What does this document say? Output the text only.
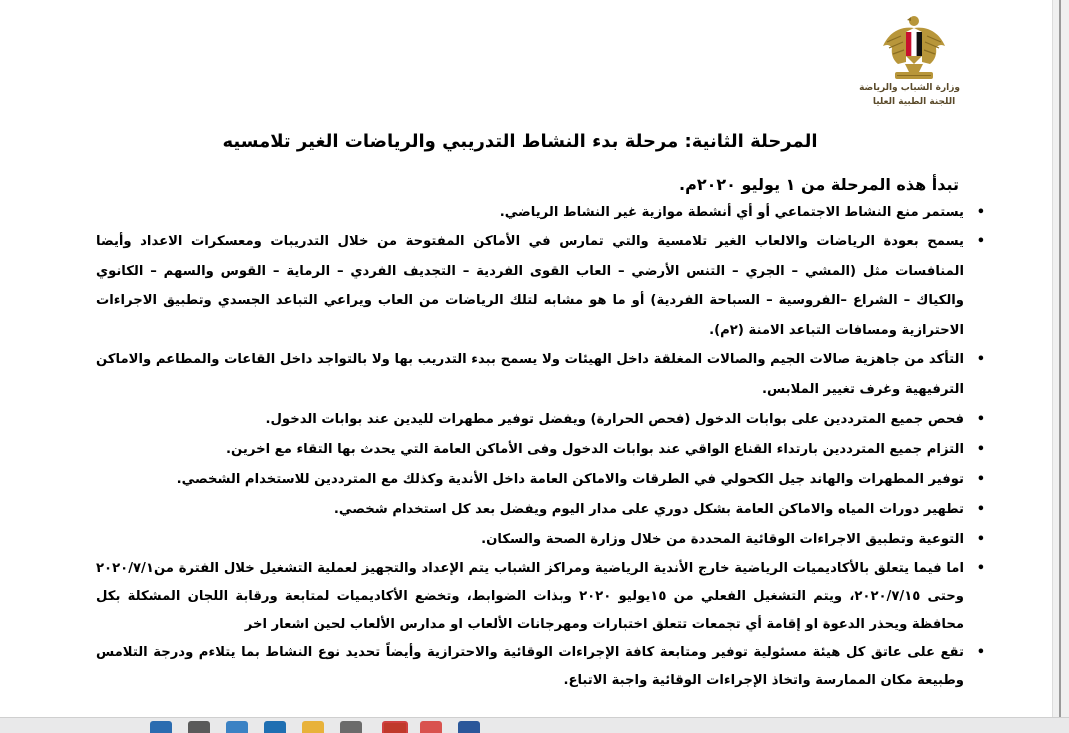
وزارة الشباب والرياضة
اللجنة الطبية العليا
المرحلة الثانية: مرحلة بدء النشاط التدريبي والرياضات الغير تلامسيه
تبدأ هذه المرحلة من ١ يوليو ٢٠٢٠م.
•
يستمر منع النشاط الاجتماعي أو أي أنشطة موازية غير النشاط الرياضي.
•
يسمح بعودة الرياضات والالعاب الغير تلامسية والتي تمارس في الأماكن المفتوحة من خلال التدريبات ومعسكرات الاعداد وأيضا المنافسات مثل (المشي – الجري – التنس الأرضي – العاب القوى الفردية – التجديف الفردي – الرماية – القوس والسهم – الكانوي والكياك – الشراع –الفروسية – السباحة الفردية) أو ما هو مشابه لتلك الرياضات من العاب ويراعي التباعد الجسدي وتطبيق الاجراءات الاحترازية ومسافات التباعد الامنة (٢م).
•
التأكد من جاهزية صالات الجيم والصالات المغلقة داخل الهيئات ولا يسمح ببدء التدريب بها ولا بالتواجد داخل القاعات والمطاعم والاماكن الترفيهية وغرف تغيير الملابس.
•
فحص جميع المترددين على بوابات الدخول (فحص الحرارة) ويفضل توفير مطهرات لليدين عند بوابات الدخول.
•
التزام جميع المترددين بارتداء القناع الواقي عند بوابات الدخول وفى الأماكن العامة التي يحدث بها التقاء مع اخرين.
•
توفير المطهرات والهاند جيل الكحولي في الطرقات والاماكن العامة داخل الأندية وكذلك مع المترددين للاستخدام الشخصي.
•
تطهير دورات المياه والاماكن العامة بشكل دوري على مدار اليوم ويفضل بعد كل استخدام شخصي.
•
التوعية وتطبيق الاجراءات الوقائية المحددة من خلال وزارة الصحة والسكان.
•
اما فيما يتعلق بالأكاديميات الرياضية خارج الأندية الرياضية ومراكز الشباب يتم الإعداد والتجهيز لعملية التشغيل خلال الفترة من٢٠٢٠/٧/١ وحتى ٢٠٢٠/٧/١٥، ويتم التشغيل الفعلي من ١٥يوليو ٢٠٢٠ وبذات الضوابط، وتخضع الأكاديميات لمتابعة ورقابة اللجان المشكلة بكل محافظة ويحذر الدعوة او إقامة أي تجمعات تتعلق اختبارات ومهرجانات الألعاب او مدارس الألعاب لحين اشعار اخر
•
تقع على عاتق كل هيئة مسئولية توفير ومتابعة كافة الإجراءات الوقائية والاحترازية وأيضاً تحديد نوع النشاط بما يتلاءم ودرجة التلامس وطبيعة مكان الممارسة واتخاذ الإجراءات الوقائية واجبة الاتباع.
